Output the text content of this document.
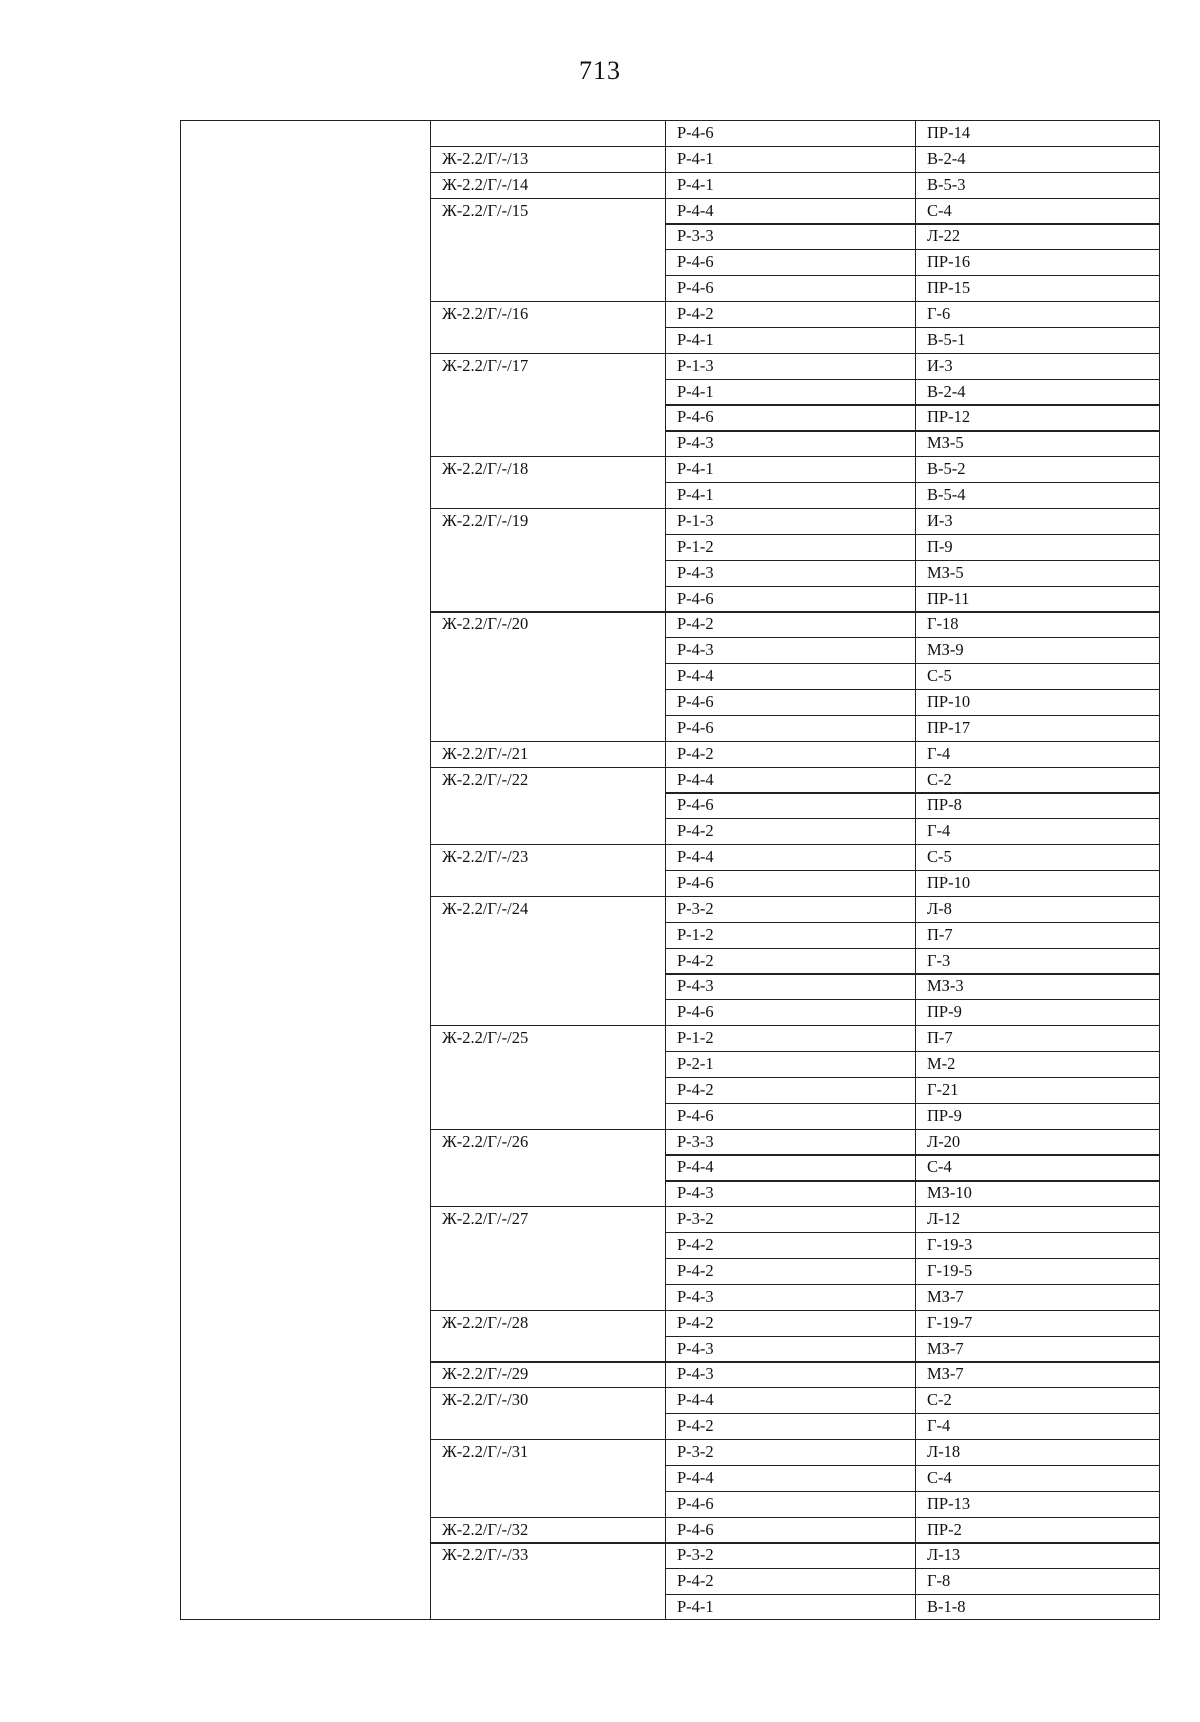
713
Р-4-6	ПР-14
Ж-2.2/Г/-/13	Р-4-1	В-2-4
Ж-2.2/Г/-/14	Р-4-1	В-5-3
Ж-2.2/Г/-/15	Р-4-4	С-4
Р-3-3	Л-22
Р-4-6	ПР-16
Р-4-6	ПР-15
Ж-2.2/Г/-/16	Р-4-2	Г-6
Р-4-1	В-5-1
Ж-2.2/Г/-/17	Р-1-3	И-3
Р-4-1	В-2-4
Р-4-6	ПР-12
Р-4-3	МЗ-5
Ж-2.2/Г/-/18	Р-4-1	В-5-2
Р-4-1	В-5-4
Ж-2.2/Г/-/19	Р-1-3	И-3
Р-1-2	П-9
Р-4-3	МЗ-5
Р-4-6	ПР-11
Ж-2.2/Г/-/20	Р-4-2	Г-18
Р-4-3	МЗ-9
Р-4-4	С-5
Р-4-6	ПР-10
Р-4-6	ПР-17
Ж-2.2/Г/-/21	Р-4-2	Г-4
Ж-2.2/Г/-/22	Р-4-4	С-2
Р-4-6	ПР-8
Р-4-2	Г-4
Ж-2.2/Г/-/23	Р-4-4	С-5
Р-4-6	ПР-10
Ж-2.2/Г/-/24	Р-3-2	Л-8
Р-1-2	П-7
Р-4-2	Г-3
Р-4-3	МЗ-3
Р-4-6	ПР-9
Ж-2.2/Г/-/25	Р-1-2	П-7
Р-2-1	М-2
Р-4-2	Г-21
Р-4-6	ПР-9
Ж-2.2/Г/-/26	Р-3-3	Л-20
Р-4-4	С-4
Р-4-3	МЗ-10
Ж-2.2/Г/-/27	Р-3-2	Л-12
Р-4-2	Г-19-3
Р-4-2	Г-19-5
Р-4-3	МЗ-7
Ж-2.2/Г/-/28	Р-4-2	Г-19-7
Р-4-3	МЗ-7
Ж-2.2/Г/-/29	Р-4-3	МЗ-7
Ж-2.2/Г/-/30	Р-4-4	С-2
Р-4-2	Г-4
Ж-2.2/Г/-/31	Р-3-2	Л-18
Р-4-4	С-4
Р-4-6	ПР-13
Ж-2.2/Г/-/32	Р-4-6	ПР-2
Ж-2.2/Г/-/33	Р-3-2	Л-13
Р-4-2	Г-8
Р-4-1	В-1-8
